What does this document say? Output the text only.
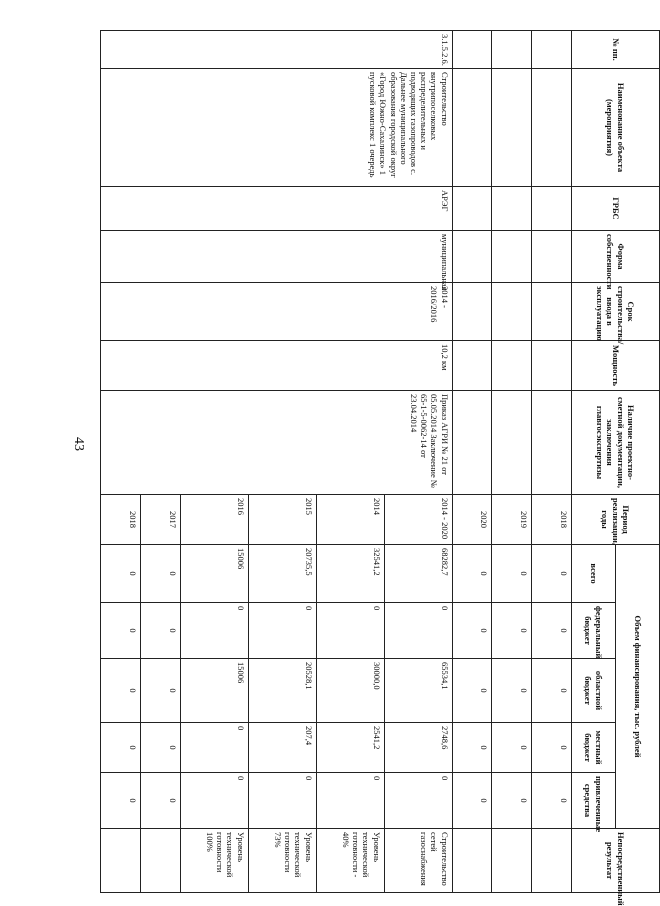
43
№ пп.	Наименование объекта (мероприятия)	ГРБС	Форма собственности	Срок строительства/ввода в эксплуатацию	Мощность	Наличие проектно-сметной документации, заключения главгосэкспертизы	Период реализации, годы	Объем финансирования, тыс. рублей					Непосредственный результат
								всего	федеральный бюджет	областной бюджет	местный бюджет	привлеченные средства	
							2018	0	0	0	0	0	
							2019	0	0	0	0	0	
							2020	0	0	0	0	0	
3.1.5.2.6.	Строительство внутрипоселковых распределительных и подводящих газопроводов с. Дальнее муниципального образования городской округ «Город Южно-Сахалинск» 1 пусковой комплекс 1 очередь	АРЭГ	муниципальная	2014 - 2016/2016	10,2 км	Приказ АГРИ № 21 от 05.05.2014 Заключение № 65-1-5-0062-14 от 23.04.2014	2014 - 2020	68282,7	0	65534,1	2748,6	0	Строительство сетей газоснабжения
							2014	32541,2	0	30000,0	2541,2	0	Уровень технической готовности - 40%
							2015	20735,5	0	20528,1	207,4	0	Уровень технической готовности 73%
							2016	15006	0	15006	0	0	Уровень технической готовности 100%
							2017	0	0	0	0	0	
							2018	0	0	0	0	0	
